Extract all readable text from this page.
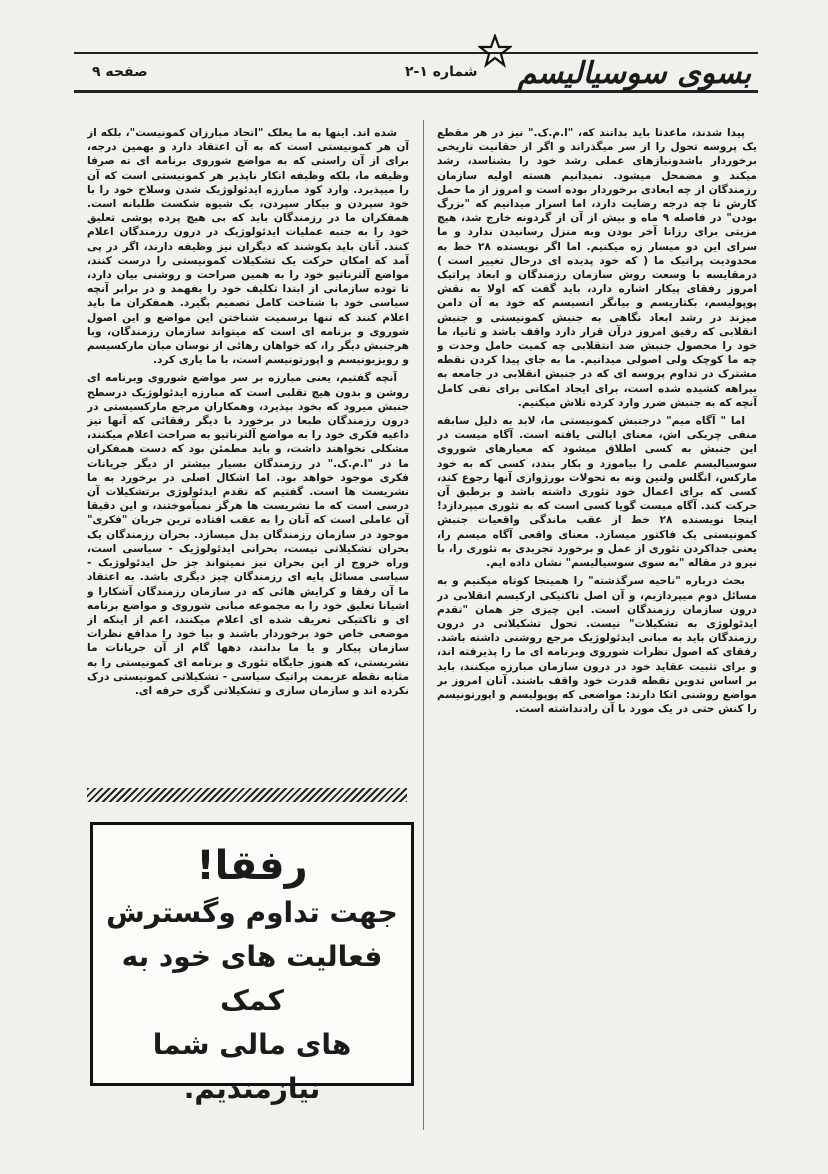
بسوی سوسیالیسم
شماره ۱-۲
صفحه ۹

پیدا شدند، ماعدتا باید بدانند که، "ا.م.ک." نیز در هر مقطع یک پروسه تحول را از سر میگذراند و اگر از حقانیت تاریخی برخوردار باشدونیازهای عملی رشد خود را بشناسد، رشد میکند و مضمحل میشود. نمیدانیم هسته اولیه سازمان رزمندگان از چه ابعادی برخوردار بوده است و امروز از ما حمل کارش تا چه درجه رضایت دارد، اما اسرار میدانیم که "بزرگ بودن" در فاصله ۹ ماه و بیش از آن از گردونه خارج شد، هیچ مزیتی برای رزانا آخر بودن وبه منزل رسانیدن ندارد و ما سرای این دو میسار زه میکنیم. اما اگر نویسنده ۲۸ خط به محدودیت پراتیک ما ( که خود پدیده ای درحال تغییر است ) درمقایسه با وسعت روش سازمان رزمندگان و ابعاد پراتیک امروز رفقای پیکار اشاره دارد، باید گفت که اولا به نقش پوپولیسم، بکتاریسم و بیانگر انسیسم که خود به آن دامن میزند در رشد ابعاد نگاهی به جنبش کمونیستی و جنبش انقلابی که رفیق امروز درآن قرار دارد واقف باشد و ثانیا، ما خود را محصول جنبش ضد انتقلابی چه کمیت حامل وحدت و چه ما کوچک ولی اصولی میدانیم. ما به جای پیدا کردن نقطه مشترک در تداوم پروسه ای که در جنبش انقلابی در جامعه به بیراهه کشیده شده است، برای ایجاد امکانی برای نفی کامل آنچه که به جنبش ضرر وارد کرده تلاش میکنیم.

اما " آگاه میم" درجنبش کمونیستی ما، لابد به دلیل سابقه منفی چریکی اش، معنای ایالتی یافته است. آگاه میست در این جنبش به کسی اطلاق میشود که معیارهای شوروی سوسیالیسم علمی را بیاموزد و بکار بندد، کسی که به خود مارکس، انگلس ولنین ونه به تحولات بورژوازی آنها رجوع کند، کسی که برای اعمال خود تئوری داشته باشد و برطبق آن حرکت کند. آگاه میست گویا کسی است که به تئوری میپردازد! اینجا نویسنده ۲۸ خط از عقب ماندگی واقعیات جنبش کمونیستی یک فاکتور میسازد. معنای واقعی آگاه میسم را، یعنی جداکردن تئوری از عمل و برخورد تجریدی به تئوری را، با نیرو در مقاله "به سوی سوسیالیسم" نشان داده ایم.

بحث درباره "ناحیه سرگذشته" را همینجا کوتاه میکنیم و به مسائل دوم میپردازیم، و آن اصل تاکتیکی ارکیسم انقلابی در درون سازمان رزمندگان است. این چیزی جز همان "تقدم ایدئولوژی به تشکیلات" نیست. تحول تشکیلاتی در درون رزمندگان باید به مبانی ایدئولوژیک مرجع روشنی داشته باشد. رفقای که اصول نظرات شوروی وبرنامه ای ما را پذیرفته اند، و برای تثبیت عقاید خود در درون سازمان مبارزه میکنند، باید بر اساس تدوین نقطه قدرت خود واقف باشند. آنان امروز بر مواضع روشنی اتکا دارند: مواضعی که پوپولیسم و اپورتونیسم را کنش حتی در یک مورد با آن رادنداشته است.

شده اند. اینها به ما یعلک "اتحاد مبارزان کمونیست"، بلکه از آن هر کمونیستی است که به آن اعتقاد دارد و بهمین درجه، برای از آن راستی که به مواضع شوروی برنامه ای نه صرفا وظیفه ما، بلکه وظیفه انکار ناپذیر هر کمونیستی است که آن را میپذیرد. وارد کود مبارزه ایدئولوژیک شدن وسلاح خود را با خود سپردن و بیکار سپردن، یک شیوه شکست طلبانه است. همفکران ما در رزمندگان باید که بی هیچ پرده پوشی تعلیق خود را به جنبه عملیات ایدئولوژیک در درون رزمندگان اعلام کنند. آنان باید بکوشند که دیگران نیز وظیفه دارند، اگر در پی آمد که امکان حرکت یک تشکیلات کمونیستی را درست کنند، مواضع آلترناتیو خود را به همین صراحت و روشنی بیان دارد، تا توده سازمانی از ابتدا تکلیف خود را بفهمد و در برابر آنچه سیاسی خود با شناخت کامل تصمیم بگیرد. همفکران ما باید اعلام کنند که تنها برسمیت شناختن این مواضع و این اصول شوروی و برنامه ای است که میتواند سازمان رزمندگان، وبا هرجنبش دیگر را، که خواهان رهائی از نوسان میان مارکسیسم و رویزیونیسم و اپورتونیسم است، با ما یاری کرد.

آنچه گفتیم، یعنی مبارزه بر سر مواضع شوروی وبرنامه ای روشن و بدون هیچ تقلبی است که مبارزه ایدئولوژیک درسطح جنبش میرود که بخود بپذیرد، وهمکاران مرجع مارکسیستی در درون رزمندگان طبعا در برخورد با دیگر رفقائی که آنها نیز داعیه فکری خود را به مواضع آلترناتیو به صراحت اعلام میکنند، مشکلی نخواهند داشت، و باید مطمئن بود که دست همفکران ما در "ا.م.ک." در رزمندگان بسیار بیشتر از دیگر جریانات فکری موجود خواهد بود. اما اشکال اصلی در برخورد به ما نشریست ها است. گفتیم که تقدم ایدئولوژی برتشکیلات آن درسی است که ما نشریست ها هرگز نمیآموختند، و این دقیقا آن عاملی است که آنان را به عقب افتاده ترین جریان "فکری" موجود در سازمان رزمندگان بدل میسازد. بحران رزمندگان یک بحران تشکیلاتی نیست، بحرانی ایدئولوژیک - سیاسی است، وراه خروج از این بحران نیز نمیتواند جز حل ایدئولوژیک - سیاسی مسائل پایه ای رزمندگان چیز دیگری باشد. به اعتقاد ما آن رفقا و کرایش هائی که در سازمان رزمندگان آشکارا و اشیانا تعلیق خود را به مجموعه مبانی شوروی و مواضع برنامه ای و تاکتیکی تعریف شده ای اعلام میکنند، اعم از اینکه از موضعی خاص خود برخوردار باشند و بیا خود را مدافع نظرات سازمان پیکار و یا ما بدانند، دهها گام از آن جریانات ما نشریستی، که هنوز جایگاه تئوری و برنامه ای کمونیستی را به مثابه نقطه عزیمت پراتیک سیاسی - تشکیلاتی کمونیستی درک نکرده اند و سازمان سازی و تشکیلاتی گری حرفه ای.

رفقا!
جهت تداوم وگسترش
فعالیت های خود به کمک
های مالی شما نیازمندیم.
